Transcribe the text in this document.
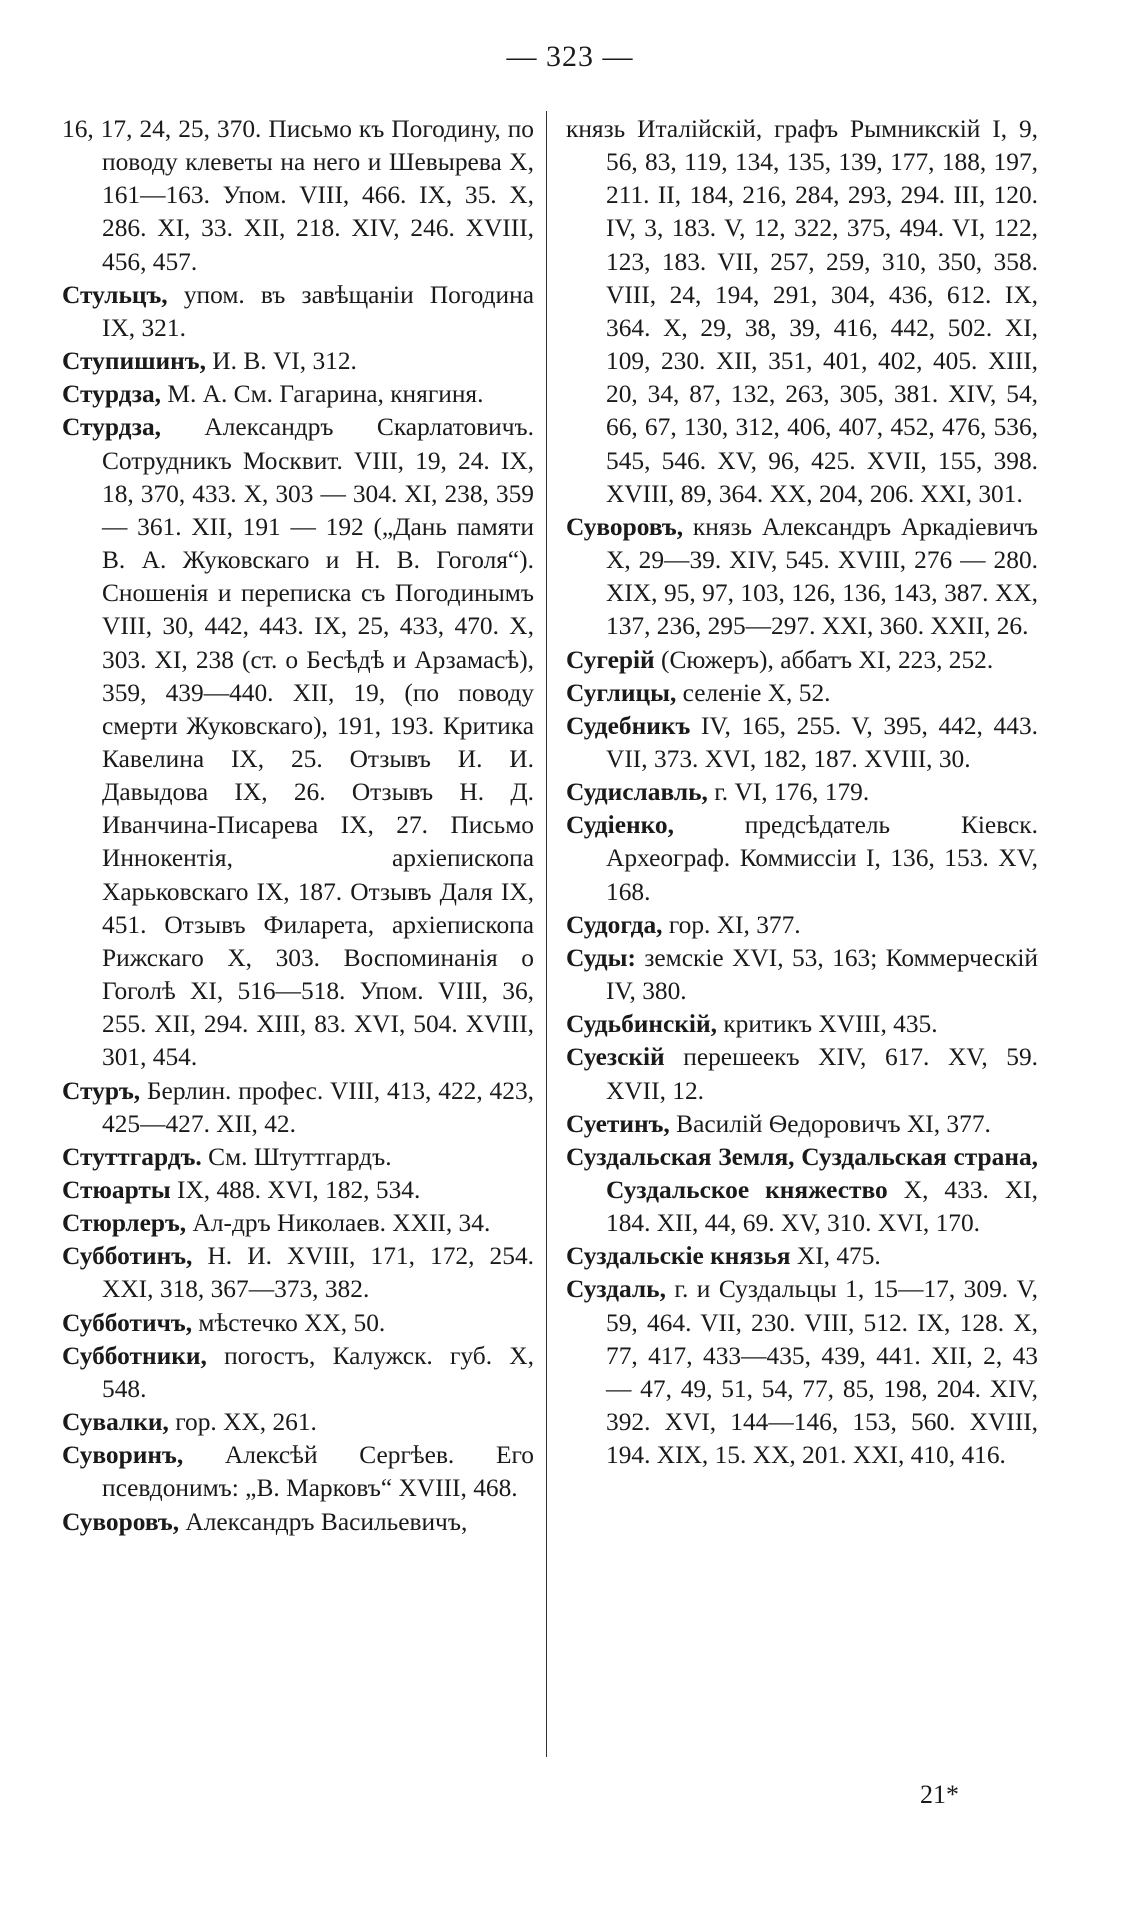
— 323 —

16, 17, 24, 25, 370. Письмо къ Погодину, по поводу клеветы на него и Шевырева X, 161—163. Упом. VIII, 466. IX, 35. X, 286. XI, 33. XII, 218. XIV, 246. XVIII, 456, 457.

Стульцъ, упом. въ завѣщаніи Погодина IX, 321.

Ступишинъ, И. В. VI, 312.

Стурдза, М. А. См. Гагарина, княгиня.

Стурдза, Александръ Скарлатовичъ. Сотрудникъ Москвит. VIII, 19, 24. IX, 18, 370, 433. X, 303 — 304. XI, 238, 359 — 361. XII, 191 — 192 („Дань памяти В. А. Жуковскаго и Н. В. Гоголя“). Сношенія и переписка съ Погодинымъ VIII, 30, 442, 443. IX, 25, 433, 470. X, 303. XI, 238 (ст. о Бесѣдѣ и Арзамасѣ), 359, 439—440. XII, 19, (по поводу смерти Жуковскаго), 191, 193. Критика Кавелина IX, 25. Отзывъ И. И. Давыдова IX, 26. Отзывъ Н. Д. Иванчина-Писарева IX, 27. Письмо Иннокентія, архіепископа Харьковскаго IX, 187. Отзывъ Даля IX, 451. Отзывъ Филарета, архіепископа Рижскаго X, 303. Воспоминанія о Гоголѣ XI, 516—518. Упом. VIII, 36, 255. XII, 294. XIII, 83. XVI, 504. XVIII, 301, 454.

Стуръ, Берлин. профес. VIII, 413, 422, 423, 425—427. XII, 42.

Стуттгардъ. См. Штуттгардъ.

Стюарты IX, 488. XVI, 182, 534.

Стюрлеръ, Ал-дръ Николаев. XXII, 34.

Субботинъ, Н. И. XVIII, 171, 172, 254. XXI, 318, 367—373, 382.

Субботичъ, мѣстечко XX, 50.

Субботники, погостъ, Калужск. губ. X, 548.

Сувалки, гор. XX, 261.

Суворинъ, Алексѣй Сергѣев. Его псевдонимъ: „В. Марковъ“ XVIII, 468.

Суворовъ, Александръ Васильевичъ,

князь Италійскій, графъ Рымникскій I, 9, 56, 83, 119, 134, 135, 139, 177, 188, 197, 211. II, 184, 216, 284, 293, 294. III, 120. IV, 3, 183. V, 12, 322, 375, 494. VI, 122, 123, 183. VII, 257, 259, 310, 350, 358. VIII, 24, 194, 291, 304, 436, 612. IX, 364. X, 29, 38, 39, 416, 442, 502. XI, 109, 230. XII, 351, 401, 402, 405. XIII, 20, 34, 87, 132, 263, 305, 381. XIV, 54, 66, 67, 130, 312, 406, 407, 452, 476, 536, 545, 546. XV, 96, 425. XVII, 155, 398. XVIII, 89, 364. XX, 204, 206. XXI, 301.

Суворовъ, князь Александръ Аркадіевичъ X, 29—39. XIV, 545. XVIII, 276 — 280. XIX, 95, 97, 103, 126, 136, 143, 387. XX, 137, 236, 295—297. XXI, 360. XXII, 26.

Сугерій (Сюжеръ), аббатъ XI, 223, 252.

Суглицы, селеніе X, 52.

Судебникъ IV, 165, 255. V, 395, 442, 443. VII, 373. XVI, 182, 187. XVIII, 30.

Судиславль, г. VI, 176, 179.

Судіенко, предсѣдатель Кіевск. Археограф. Коммиссіи I, 136, 153. XV, 168.

Судогда, гор. XI, 377.

Суды: земскіе XVI, 53, 163; Коммерческій IV, 380.

Судьбинскій, критикъ XVIII, 435.

Суезскій перешеекъ XIV, 617. XV, 59. XVII, 12.

Суетинъ, Василій Ѳедоровичъ XI, 377.

Суздальская Земля, Суздальская страна, Суздальское княжество X, 433. XI, 184. XII, 44, 69. XV, 310. XVI, 170.

Суздальскіе князья XI, 475.

Суздаль, г. и Суздальцы 1, 15—17, 309. V, 59, 464. VII, 230. VIII, 512. IX, 128. X, 77, 417, 433—435, 439, 441. XII, 2, 43 — 47, 49, 51, 54, 77, 85, 198, 204. XIV, 392. XVI, 144—146, 153, 560. XVIII, 194. XIX, 15. XX, 201. XXI, 410, 416.

21*
